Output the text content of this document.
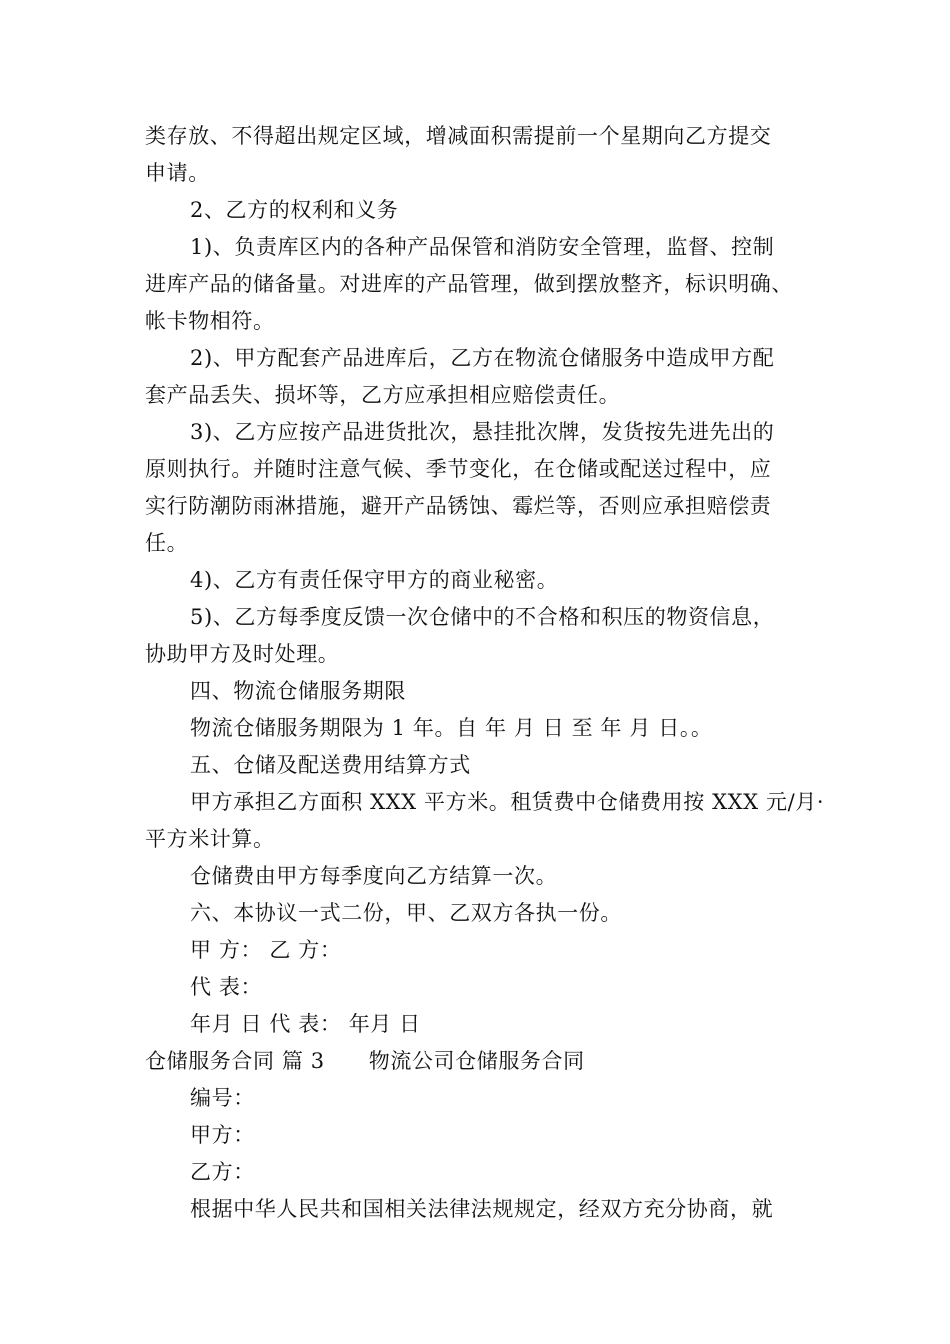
类存放、不得超出规定区域，增减面积需提前一个星期向乙方提交
申请。
2、乙方的权利和义务
1)、负责库区内的各种产品保管和消防安全管理，监督、控制
进库产品的储备量。对进库的产品管理，做到摆放整齐，标识明确、
帐卡物相符。
2)、甲方配套产品进库后，乙方在物流仓储服务中造成甲方配
套产品丢失、损坏等，乙方应承担相应赔偿责任。
3)、乙方应按产品进货批次，悬挂批次牌，发货按先进先出的
原则执行。并随时注意气候、季节变化，在仓储或配送过程中，应
实行防潮防雨淋措施，避开产品锈蚀、霉烂等，否则应承担赔偿责
任。
4)、乙方有责任保守甲方的商业秘密。
5)、乙方每季度反馈一次仓储中的不合格和积压的物资信息，
协助甲方及时处理。
四、物流仓储服务期限
物流仓储服务期限为 1 年。自 年 月 日 至 年 月 日。。
五、仓储及配送费用结算方式
甲方承担乙方面积 XXX 平方米。租赁费中仓储费用按 XXX 元/月·
平方米计算。
仓储费由甲方每季度向乙方结算一次。
六、本协议一式二份，甲、乙双方各执一份。
甲 方： 乙 方：
代 表：
年月 日 代 表： 年月 日
仓储服务合同 篇 3 物流公司仓储服务合同
编号：
甲方：
乙方：
根据中华人民共和国相关法律法规规定，经双方充分协商，就
